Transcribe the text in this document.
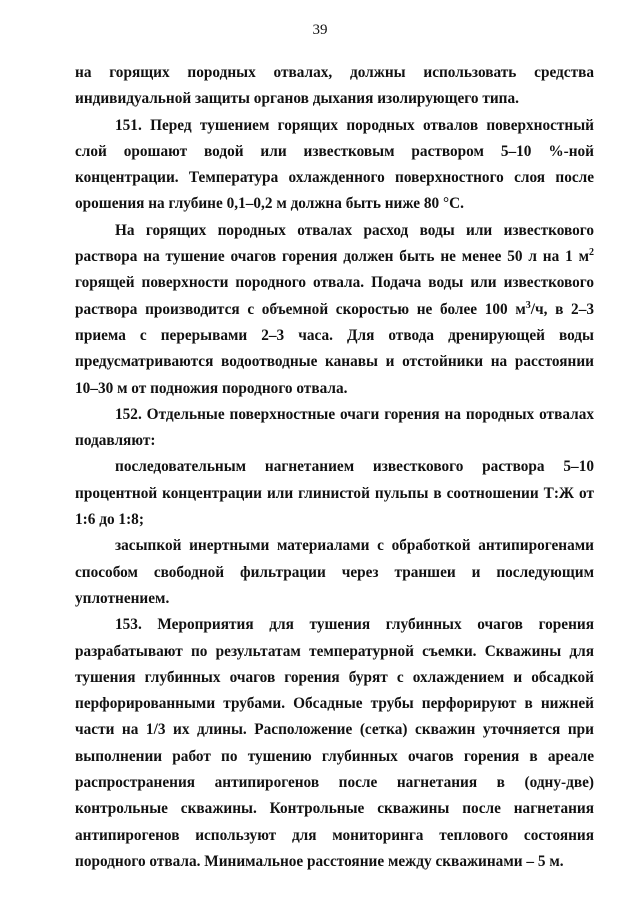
39

на горящих породных отвалах, должны использовать средства индивидуальной защиты органов дыхания изолирующего типа.

151. Перед тушением горящих породных отвалов поверхностный слой орошают водой или известковым раствором 5–10 %-ной концентрации. Температура охлажденного поверхностного слоя после орошения на глубине 0,1–0,2 м должна быть ниже 80 °С.

На горящих породных отвалах расход воды или известкового раствора на тушение очагов горения должен быть не менее 50 л на 1 $м^2$ горящей поверхности породного отвала. Подача воды или известкового раствора производится с объемной скоростью не более 100 $м^3/ч$, в 2–3 приема с перерывами 2–3 часа. Для отвода дренирующей воды предусматриваются водоотводные канавы и отстойники на расстоянии 10–30 м от подножия породного отвала.

152. Отдельные поверхностные очаги горения на породных отвалах подавляют:

последовательным нагнетанием известкового раствора 5–10 процентной концентрации или глинистой пульпы в соотношении Т:Ж от 1:6 до 1:8;

засыпкой инертными материалами с обработкой антипирогенами способом свободной фильтрации через траншеи и последующим уплотнением.

153. Мероприятия для тушения глубинных очагов горения разрабатывают по результатам температурной съемки. Скважины для тушения глубинных очагов горения бурят с охлаждением и обсадкой перфорированными трубами. Обсадные трубы перфорируют в нижней части на 1/3 их длины. Расположение (сетка) скважин уточняется при выполнении работ по тушению глубинных очагов горения в ареале распространения антипирогенов после нагнетания в (одну-две) контрольные скважины. Контрольные скважины после нагнетания антипирогенов используют для мониторинга теплового состояния породного отвала. Минимальное расстояние между скважинами – 5 м.
